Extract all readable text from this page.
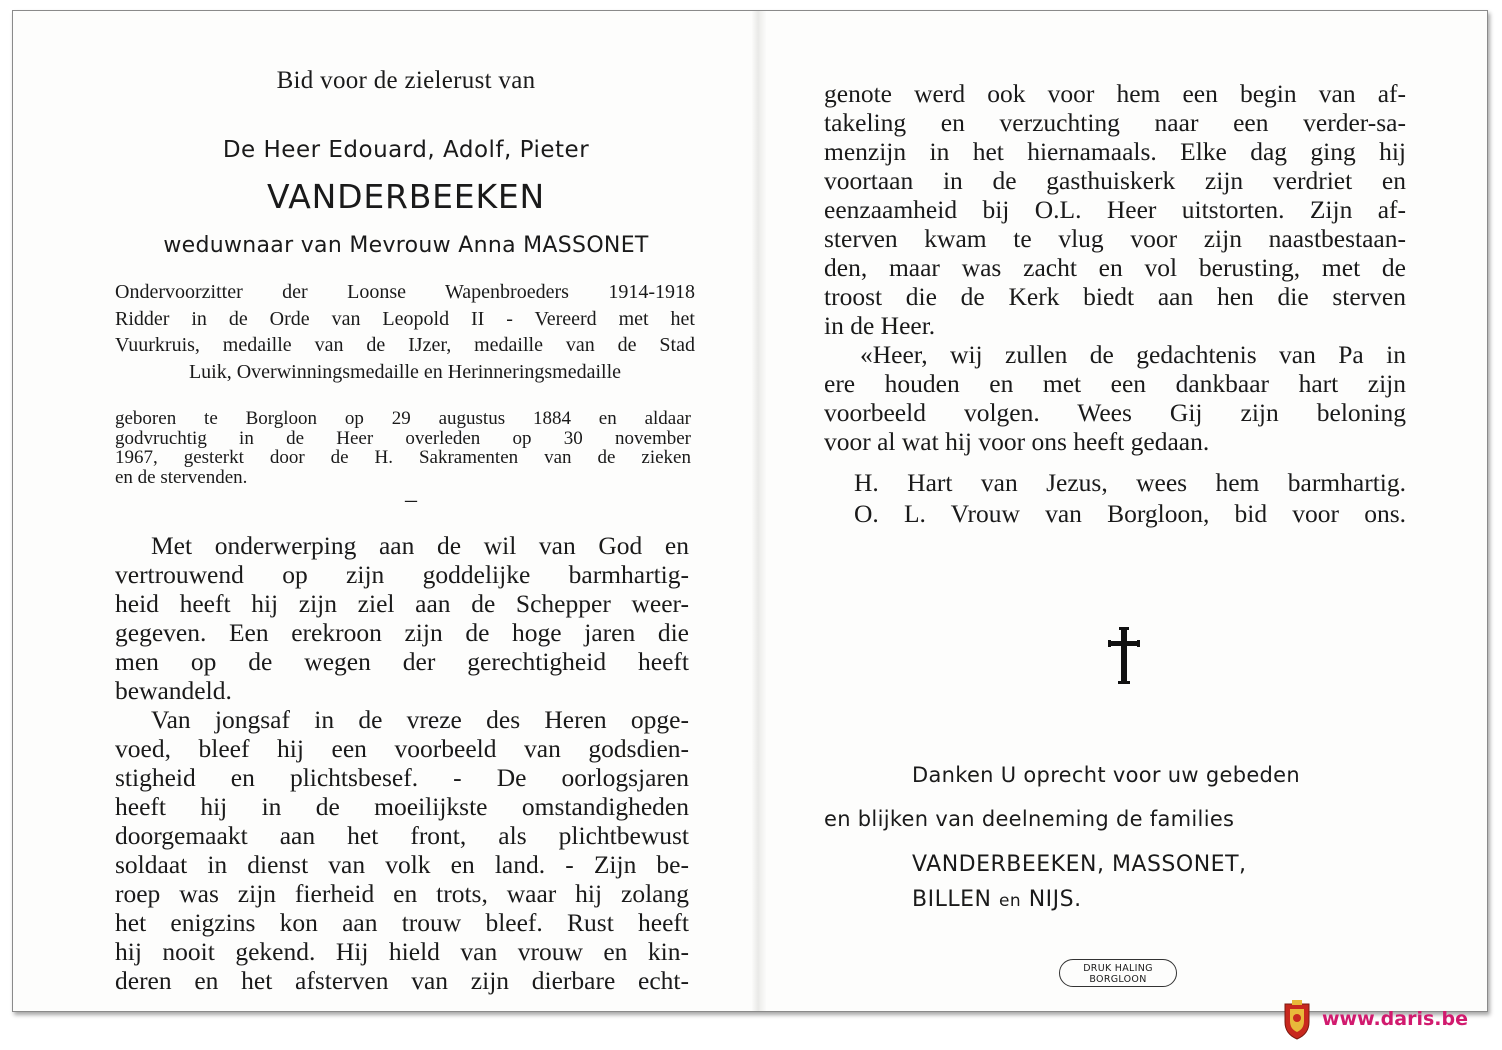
Bid voor de zielerust van
De Heer Edouard, Adolf, Pieter
VANDERBEEKEN
weduwnaar van Mevrouw Anna MASSONET
Ondervoorzitter der Loonse Wapenbroeders 1914-1918
Ridder in de Orde van Leopold II - Vereerd met het
Vuurkruis, medaille van de IJzer, medaille van de Stad
Luik, Overwinningsmedaille en Herinneringsmedaille
geboren te Borgloon op 29 augustus 1884 en aldaar
godvruchtig in de Heer overleden op 30 november
1967, gesterkt door de H. Sakramenten van de zieken
en de stervenden.
–
Met onderwerping aan de wil van God en
vertrouwend op zijn goddelijke barmhartig-
heid heeft hij zijn ziel aan de Schepper weer-
gegeven. Een erekroon zijn de hoge jaren die
men op de wegen der gerechtigheid heeft
bewandeld.
Van jongsaf in de vreze des Heren opge-
voed, bleef hij een voorbeeld van godsdien-
stigheid en plichtsbesef. - De oorlogsjaren
heeft hij in de moeilijkste omstandigheden
doorgemaakt aan het front, als plichtbewust
soldaat in dienst van volk en land. - Zijn be-
roep was zijn fierheid en trots, waar hij zolang
het enigzins kon aan trouw bleef. Rust heeft
hij nooit gekend. Hij hield van vrouw en kin-
deren en het afsterven van zijn dierbare echt-
genote werd ook voor hem een begin van af-
takeling en verzuchting naar een verder-sa-
menzijn in het hiernamaals. Elke dag ging hij
voortaan in de gasthuiskerk zijn verdriet en
eenzaamheid bij O.L. Heer uitstorten. Zijn af-
sterven kwam te vlug voor zijn naastbestaan-
den, maar was zacht en vol berusting, met de
troost die de Kerk biedt aan hen die sterven
in de Heer.
«Heer, wij zullen de gedachtenis van Pa in
ere houden en met een dankbaar hart zijn
voorbeeld volgen. Wees Gij zijn beloning
voor al wat hij voor ons heeft gedaan.
H. Hart van Jezus, wees hem barmhartig.
O. L. Vrouw van Borgloon, bid voor ons.
Danken U oprecht voor uw gebeden
en blijken van deelneming de families
VANDERBEEKEN, MASSONET,
BILLEN en NIJS.
DRUK HALING
BORGLOON
www.daris.be
